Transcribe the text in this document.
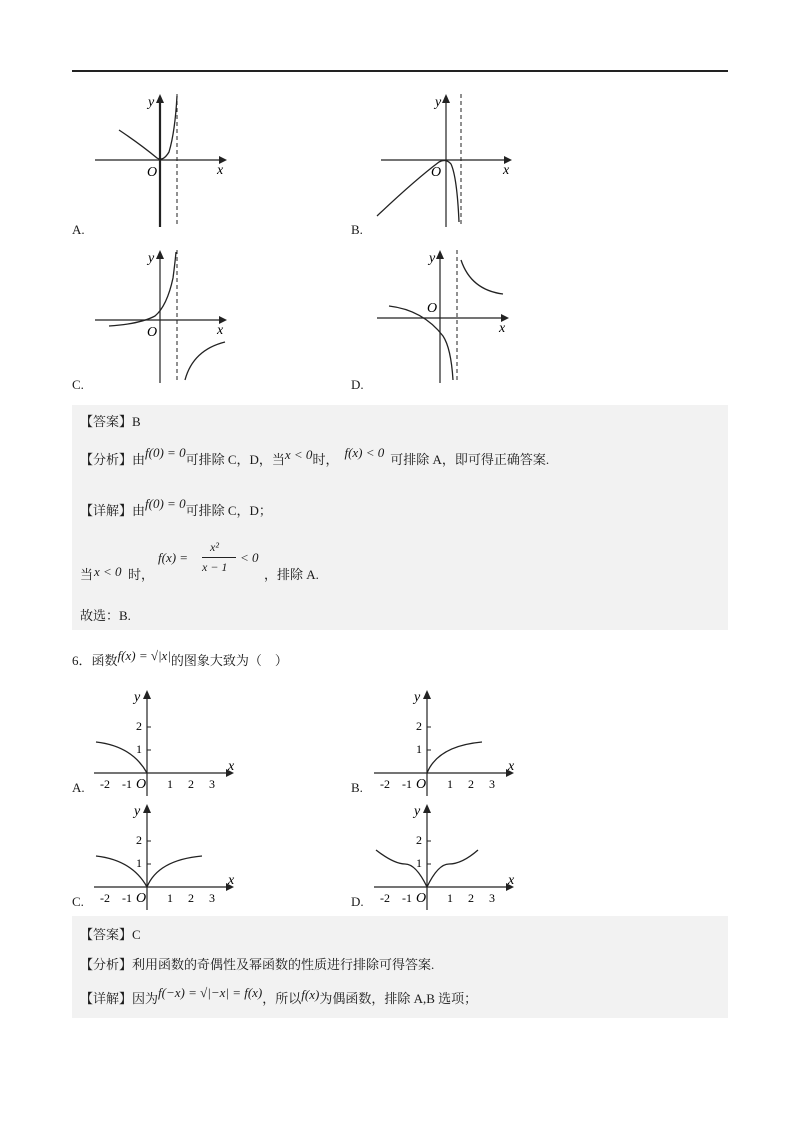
O	x
y
A.
O	x
y
B.
O	x
y
C.
O
x
y
D.
【答案】B
【分析】由f(0) = 0可排除 C，D，当x < 0时， f(x) < 0 可排除 A，即可得正确答案.
【详解】由f(0) = 0可排除 C，D；
当 x < 0 时，
f(x) =
x²
x − 1
< 0
，排除 A.
故选：B.
6．函数f(x) = √|x|的图象大致为（　）
y
x
2
1
-2 -1 O 1 2 3
A.
y
x
2
1
-2 -1 O 1 2 3
B.
y
x
2
1
-2 -1 O 1 2 3
C.
y
x
2
1
-2 -1 O 1 2 3
D.
【答案】C
【分析】利用函数的奇偶性及幂函数的性质进行排除可得答案.
【详解】因为f(−x) = √|−x| = f(x)，所以f(x)为偶函数，排除 A,B 选项；
